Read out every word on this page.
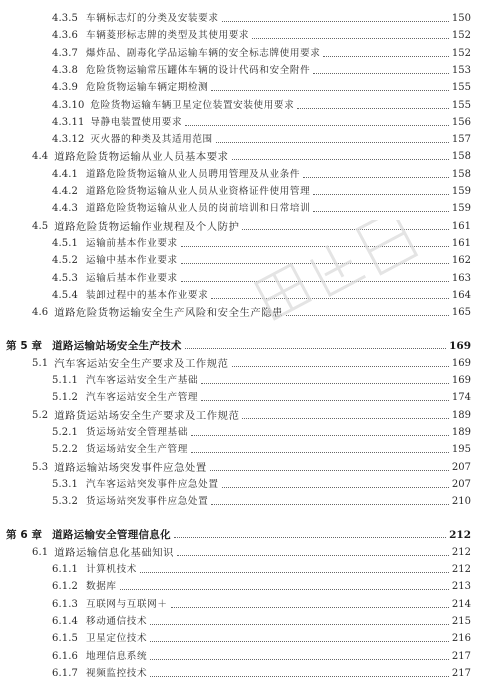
4.3.5 车辆标志灯的分类及安装要求	150
4.3.6 车辆菱形标志牌的类型及其使用要求	152
4.3.7 爆炸品、剧毒化学品运输车辆的安全标志牌使用要求	152
4.3.8 危险货物运输常压罐体车辆的设计代码和安全附件	153
4.3.9 危险货物运输车辆定期检测	155
4.3.10 危险货物运输车辆卫星定位装置安装使用要求	155
4.3.11 导静电装置使用要求	156
4.3.12 灭火器的种类及其适用范围	157
4.4 道路危险货物运输从业人员基本要求	158
4.4.1 道路危险货物运输从业人员聘用管理及从业条件	158
4.4.2 道路危险货物运输从业人员从业资格证件使用管理	159
4.4.3 道路危险货物运输从业人员的岗前培训和日常培训	159
4.5 道路危险货物运输作业规程及个人防护	161
4.5.1 运输前基本作业要求	161
4.5.2 运输中基本作业要求	162
4.5.3 运输后基本作业要求	163
4.5.4 装卸过程中的基本作业要求	164
4.6 道路危险货物运输安全生产风险和安全生产隐患	165
第 5 章 道路运输站场安全生产技术	169
5.1 汽车客运站安全生产要求及工作规范	169
5.1.1 汽车客运站安全生产基础	169
5.1.2 汽车客运站安全生产管理	174
5.2 道路货运站场安全生产要求及工作规范	189
5.2.1 货运场站安全管理基础	189
5.2.2 货运场站安全生产管理	195
5.3 道路运输站场突发事件应急处置	207
5.3.1 汽车客运站突发事件应急处置	207
5.3.2 货运场站突发事件应急处置	210
第 6 章 道路运输安全管理信息化	212
6.1 道路运输信息化基础知识	212
6.1.1 计算机技术	212
6.1.2 数据库	213
6.1.3 互联网与互联网＋	214
6.1.4 移动通信技术	215
6.1.5 卫星定位技术	216
6.1.6 地理信息系统	217
6.1.7 视频监控技术	217
